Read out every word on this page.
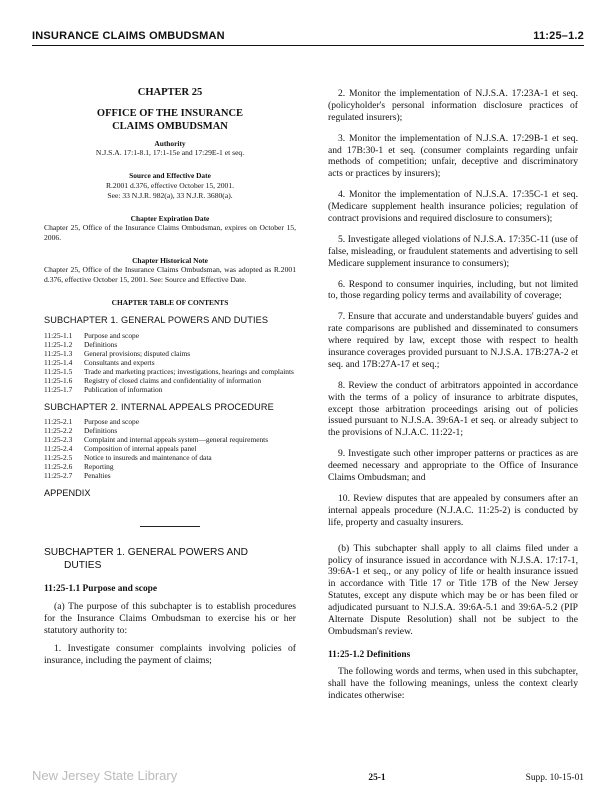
INSURANCE CLAIMS OMBUDSMAN	11:25–1.2
CHAPTER 25
OFFICE OF THE INSURANCE
CLAIMS OMBUDSMAN
Authority
N.J.S.A. 17:1-8.1, 17:1-15e and 17:29E-1 et seq.
Source and Effective Date
R.2001 d.376, effective October 15, 2001.
See: 33 N.J.R. 982(a), 33 N.J.R. 3680(a).
Chapter Expiration Date
Chapter 25, Office of the Insurance Claims Ombudsman, expires on October 15, 2006.
Chapter Historical Note
Chapter 25, Office of the Insurance Claims Ombudsman, was adopted as R.2001 d.376, effective October 15, 2001. See: Source and Effective Date.
CHAPTER TABLE OF CONTENTS
SUBCHAPTER 1. GENERAL POWERS AND DUTIES
11:25-1.1	Purpose and scope
11:25-1.2	Definitions
11:25-1.3	General provisions; disputed claims
11:25-1.4	Consultants and experts
11:25-1.5	Trade and marketing practices; investigations, hearings and complaints
11:25-1.6	Registry of closed claims and confidentiality of information
11:25-1.7	Publication of information
SUBCHAPTER 2. INTERNAL APPEALS PROCEDURE
11:25-2.1	Purpose and scope
11:25-2.2	Definitions
11:25-2.3	Complaint and internal appeals system—general requirements
11:25-2.4	Composition of internal appeals panel
11:25-2.5	Notice to insureds and maintenance of data
11:25-2.6	Reporting
11:25-2.7	Penalties
APPENDIX
SUBCHAPTER 1. GENERAL POWERS AND
DUTIES
11:25-1.1 Purpose and scope

(a) The purpose of this subchapter is to establish procedures for the Insurance Claims Ombudsman to exercise his or her statutory authority to:

1. Investigate consumer complaints involving policies of insurance, including the payment of claims;

2. Monitor the implementation of N.J.S.A. 17:23A-1 et seq. (policyholder's personal information disclosure practices of regulated insurers);

3. Monitor the implementation of N.J.S.A. 17:29B-1 et seq. and 17B:30-1 et seq. (consumer complaints regarding unfair methods of competition; unfair, deceptive and discriminatory acts or practices by insurers);

4. Monitor the implementation of N.J.S.A. 17:35C-1 et seq. (Medicare supplement health insurance policies; regulation of contract provisions and required disclosure to consumers);

5. Investigate alleged violations of N.J.S.A. 17:35C-11 (use of false, misleading, or fraudulent statements and advertising to sell Medicare supplement insurance to consumers);

6. Respond to consumer inquiries, including, but not limited to, those regarding policy terms and availability of coverage;

7. Ensure that accurate and understandable buyers' guides and rate comparisons are published and disseminated to consumers where required by law, except those with respect to health insurance coverages provided pursuant to N.J.S.A. 17B:27A-2 et seq. and 17B:27A-17 et seq.;

8. Review the conduct of arbitrators appointed in accordance with the terms of a policy of insurance to arbitrate disputes, except those arbitration proceedings arising out of policies issued pursuant to N.J.S.A. 39:6A-1 et seq. or already subject to the provisions of N.J.A.C. 11:22-1;

9. Investigate such other improper patterns or practices as are deemed necessary and appropriate to the Office of Insurance Claims Ombudsman; and

10. Review disputes that are appealed by consumers after an internal appeals procedure (N.J.A.C. 11:25-2) is conducted by life, property and casualty insurers.

(b) This subchapter shall apply to all claims filed under a policy of insurance issued in accordance with N.J.S.A. 17:17-1, 39:6A-1 et seq., or any policy of life or health insurance issued in accordance with Title 17 or Title 17B of the New Jersey Statutes, except any dispute which may be or has been filed or adjudicated pursuant to N.J.S.A. 39:6A-5.1 and 39:6A-5.2 (PIP Alternate Dispute Resolution) shall not be subject to the Ombudsman's review.

11:25-1.2 Definitions

The following words and terms, when used in this subchapter, shall have the following meanings, unless the context clearly indicates otherwise:

New Jersey State Library	25-1	Supp. 10-15-01
